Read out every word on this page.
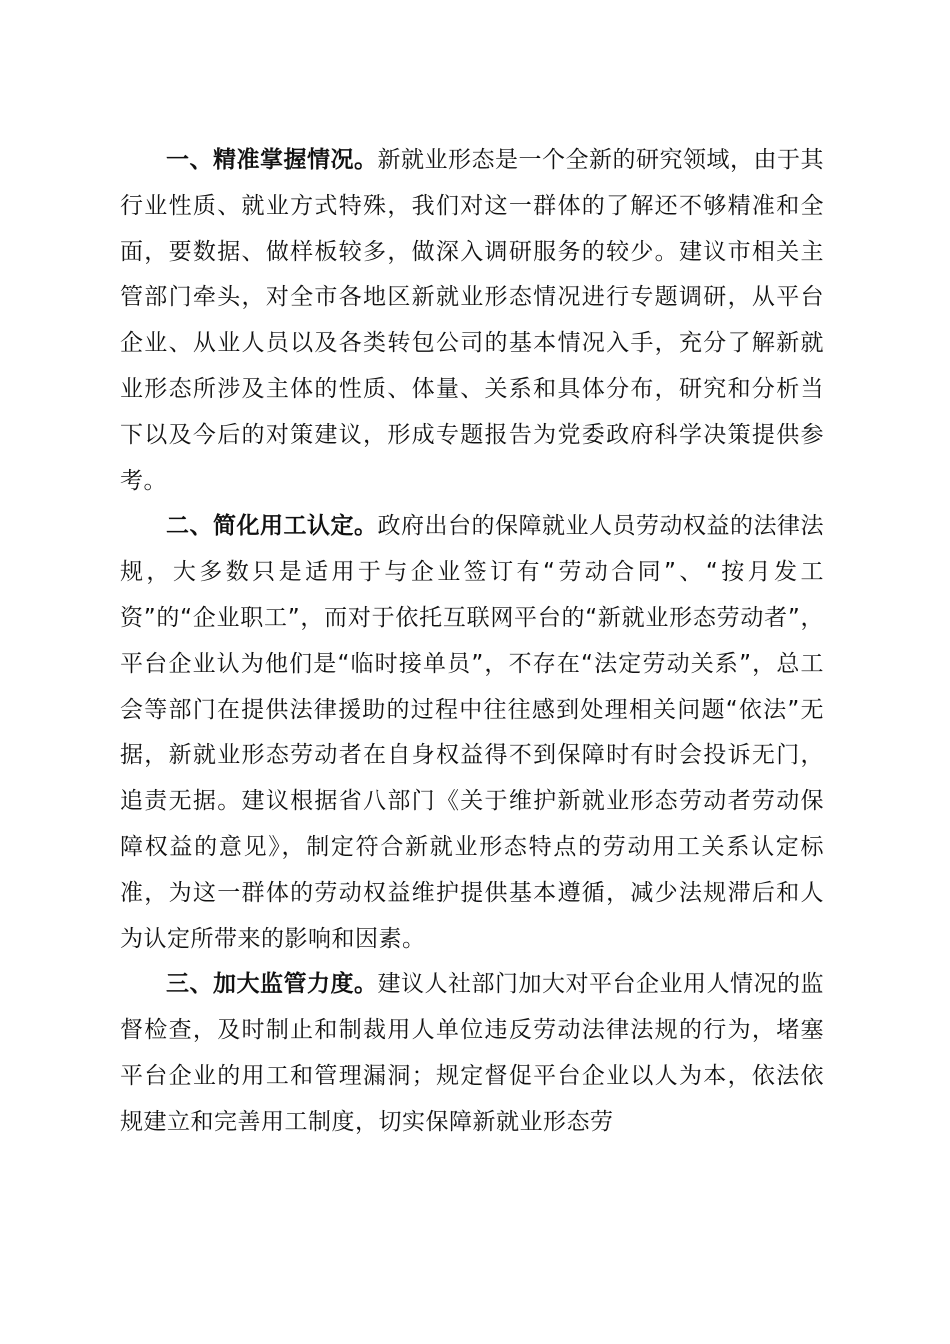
一、精准掌握情况。新就业形态是一个全新的研究领域，由于其行业性质、就业方式特殊，我们对这一群体的了解还不够精准和全面，要数据、做样板较多，做深入调研服务的较少。建议市相关主管部门牵头，对全市各地区新就业形态情况进行专题调研，从平台企业、从业人员以及各类转包公司的基本情况入手，充分了解新就业形态所涉及主体的性质、体量、关系和具体分布，研究和分析当下以及今后的对策建议，形成专题报告为党委政府科学决策提供参考。

二、简化用工认定。政府出台的保障就业人员劳动权益的法律法规，大多数只是适用于与企业签订有“劳动合同”、“按月发工资”的“企业职工”，而对于依托互联网平台的“新就业形态劳动者”，平台企业认为他们是“临时接单员”，不存在“法定劳动关系”，总工会等部门在提供法律援助的过程中往往感到处理相关问题“依法”无据，新就业形态劳动者在自身权益得不到保障时有时会投诉无门，追责无据。建议根据省八部门《关于维护新就业形态劳动者劳动保障权益的意见》，制定符合新就业形态特点的劳动用工关系认定标准，为这一群体的劳动权益维护提供基本遵循，减少法规滞后和人为认定所带来的影响和因素。

三、加大监管力度。建议人社部门加大对平台企业用人情况的监督检查，及时制止和制裁用人单位违反劳动法律法规的行为，堵塞平台企业的用工和管理漏洞；规定督促平台企业以人为本，依法依规建立和完善用工制度，切实保障新就业形态劳
